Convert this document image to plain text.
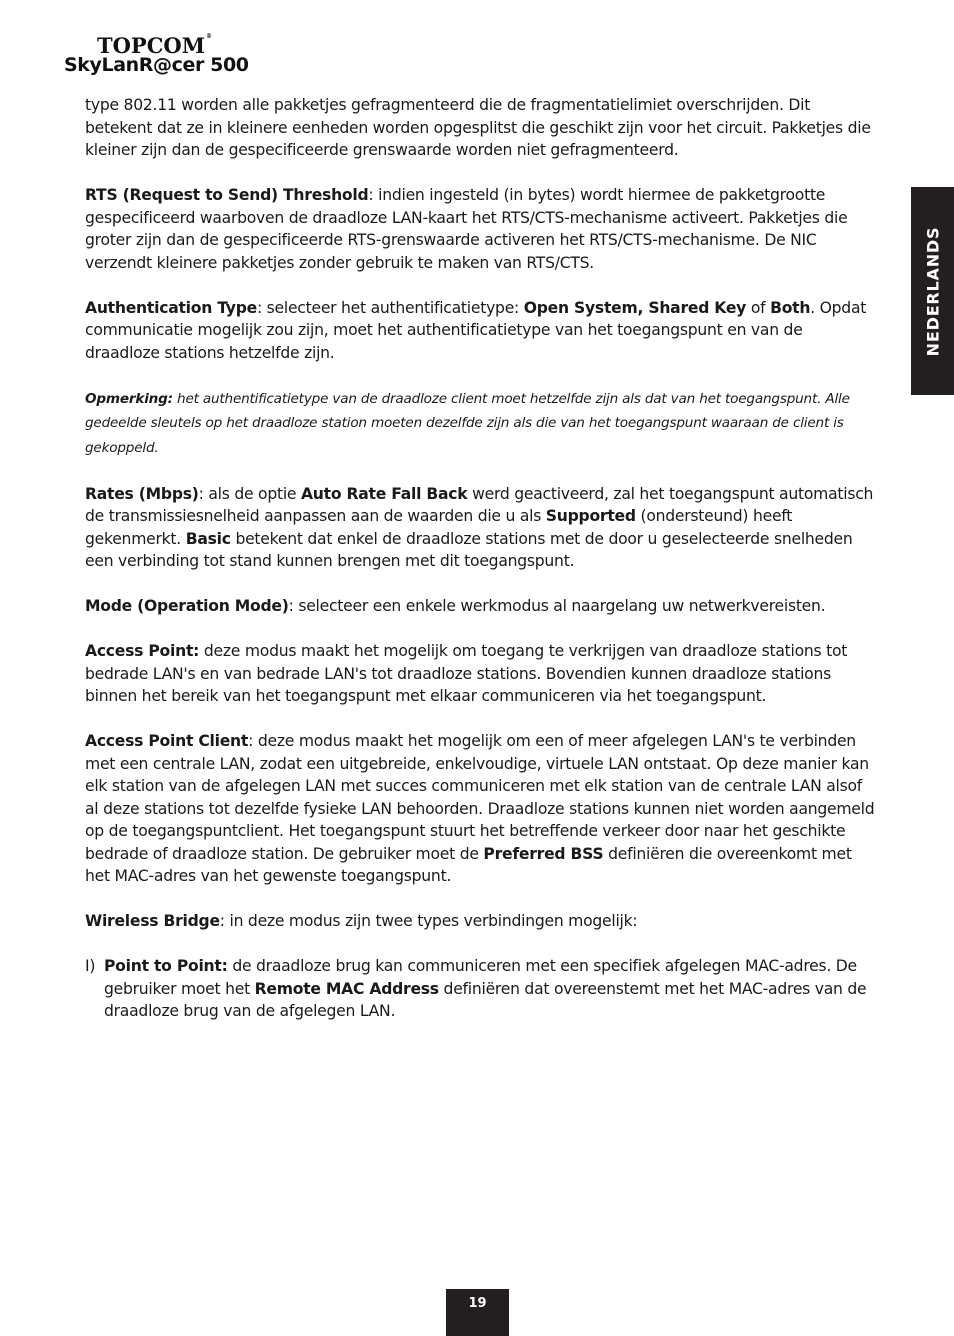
TOPCOM®
SkyLanR@cer 500
NEDERLANDS

type 802.11 worden alle pakketjes gefragmenteerd die de fragmentatielimiet overschrijden. Dit betekent dat ze in kleinere eenheden worden opgesplitst die geschikt zijn voor het circuit. Pakketjes die kleiner zijn dan de gespecificeerde grenswaarde worden niet gefragmenteerd.

RTS (Request to Send) Threshold: indien ingesteld (in bytes) wordt hiermee de pakketgrootte gespecificeerd waarboven de draadloze LAN-kaart het RTS/CTS-mechanisme activeert. Pakketjes die groter zijn dan de gespecificeerde RTS-grenswaarde activeren het RTS/CTS-mechanisme. De NIC verzendt kleinere pakketjes zonder gebruik te maken van RTS/CTS.

Authentication Type: selecteer het authentificatietype: Open System, Shared Key of Both. Opdat communicatie mogelijk zou zijn, moet het authentificatietype van het toegangspunt en van de draadloze stations hetzelfde zijn.

Opmerking: het authentificatietype van de draadloze client moet hetzelfde zijn als dat van het toegangspunt. Alle gedeelde sleutels op het draadloze station moeten dezelfde zijn als die van het toegangspunt waaraan de client is gekoppeld.

Rates (Mbps): als de optie Auto Rate Fall Back werd geactiveerd, zal het toegangspunt automatisch de transmissiesnelheid aanpassen aan de waarden die u als Supported (ondersteund) heeft gekenmerkt. Basic betekent dat enkel de draadloze stations met de door u geselecteerde snelheden een verbinding tot stand kunnen brengen met dit toegangspunt.

Mode (Operation Mode): selecteer een enkele werkmodus al naargelang uw netwerkvereisten.

Access Point: deze modus maakt het mogelijk om toegang te verkrijgen van draadloze stations tot bedrade LAN's en van bedrade LAN's tot draadloze stations. Bovendien kunnen draadloze stations binnen het bereik van het toegangspunt met elkaar communiceren via het toegangspunt.

Access Point Client: deze modus maakt het mogelijk om een of meer afgelegen LAN's te verbinden met een centrale LAN, zodat een uitgebreide, enkelvoudige, virtuele LAN ontstaat. Op deze manier kan elk station van de afgelegen LAN met succes communiceren met elk station van de centrale LAN alsof al deze stations tot dezelfde fysieke LAN behoorden. Draadloze stations kunnen niet worden aangemeld op de toegangspuntclient. Het toegangspunt stuurt het betreffende verkeer door naar het geschikte bedrade of draadloze station. De gebruiker moet de Preferred BSS definiëren die overeenkomt met het MAC-adres van het gewenste toegangspunt.

Wireless Bridge: in deze modus zijn twee types verbindingen mogelijk:

I) Point to Point: de draadloze brug kan communiceren met een specifiek afgelegen MAC-adres. De gebruiker moet het Remote MAC Address definiëren dat overeenstemt met het MAC-adres van de draadloze brug van de afgelegen LAN.
19
